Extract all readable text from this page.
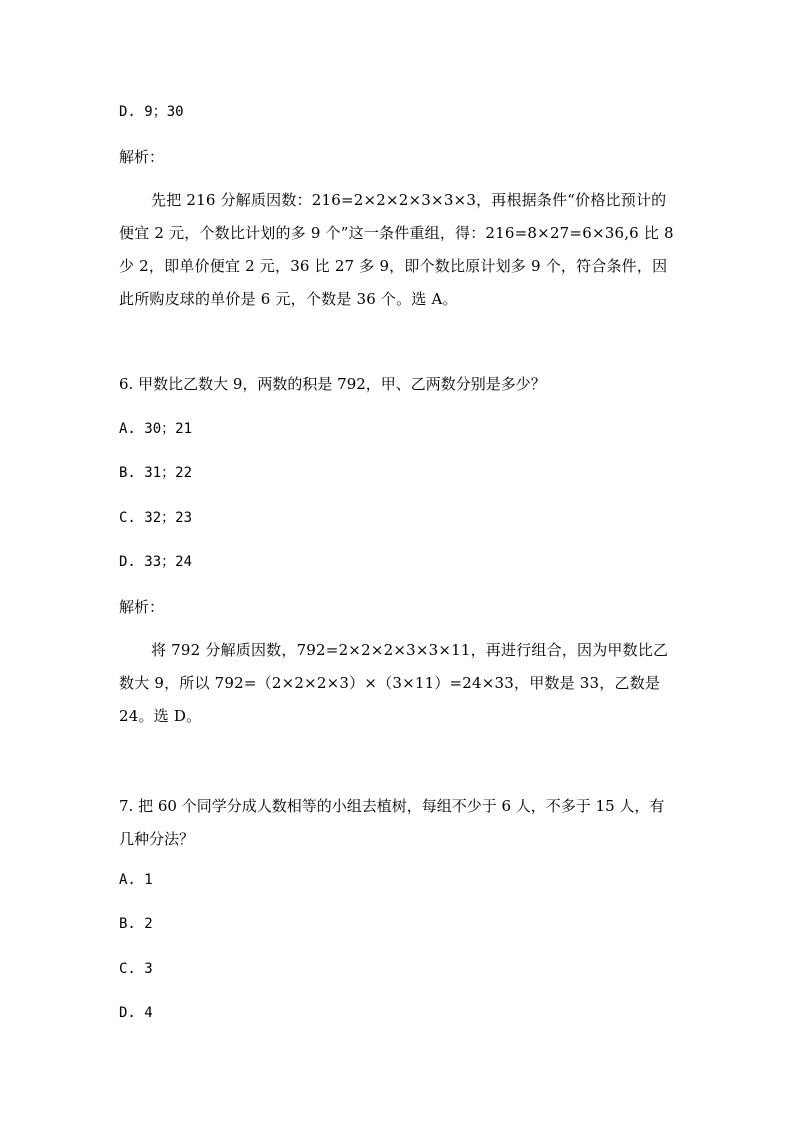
D. 9；30
解析：
先把 216 分解质因数：216=2×2×2×3×3×3，再根据条件“价格比预计的便宜 2 元，个数比计划的多 9 个”这一条件重组，得：216=8×27=6×36,6 比 8 少 2，即单价便宜 2 元，36 比 27 多 9，即个数比原计划多 9 个，符合条件，因此所购皮球的单价是 6 元，个数是 36 个。选 A。
6. 甲数比乙数大 9，两数的积是 792，甲、乙两数分别是多少？
A. 30；21
B. 31；22
C. 32；23
D. 33；24
解析：
将 792 分解质因数，792=2×2×2×3×3×11，再进行组合，因为甲数比乙数大 9，所以 792=（2×2×2×3）×（3×11）=24×33，甲数是 33，乙数是 24。选 D。
7. 把 60 个同学分成人数相等的小组去植树，每组不少于 6 人，不多于 15 人，有几种分法？
A. 1
B. 2
C. 3
D. 4
